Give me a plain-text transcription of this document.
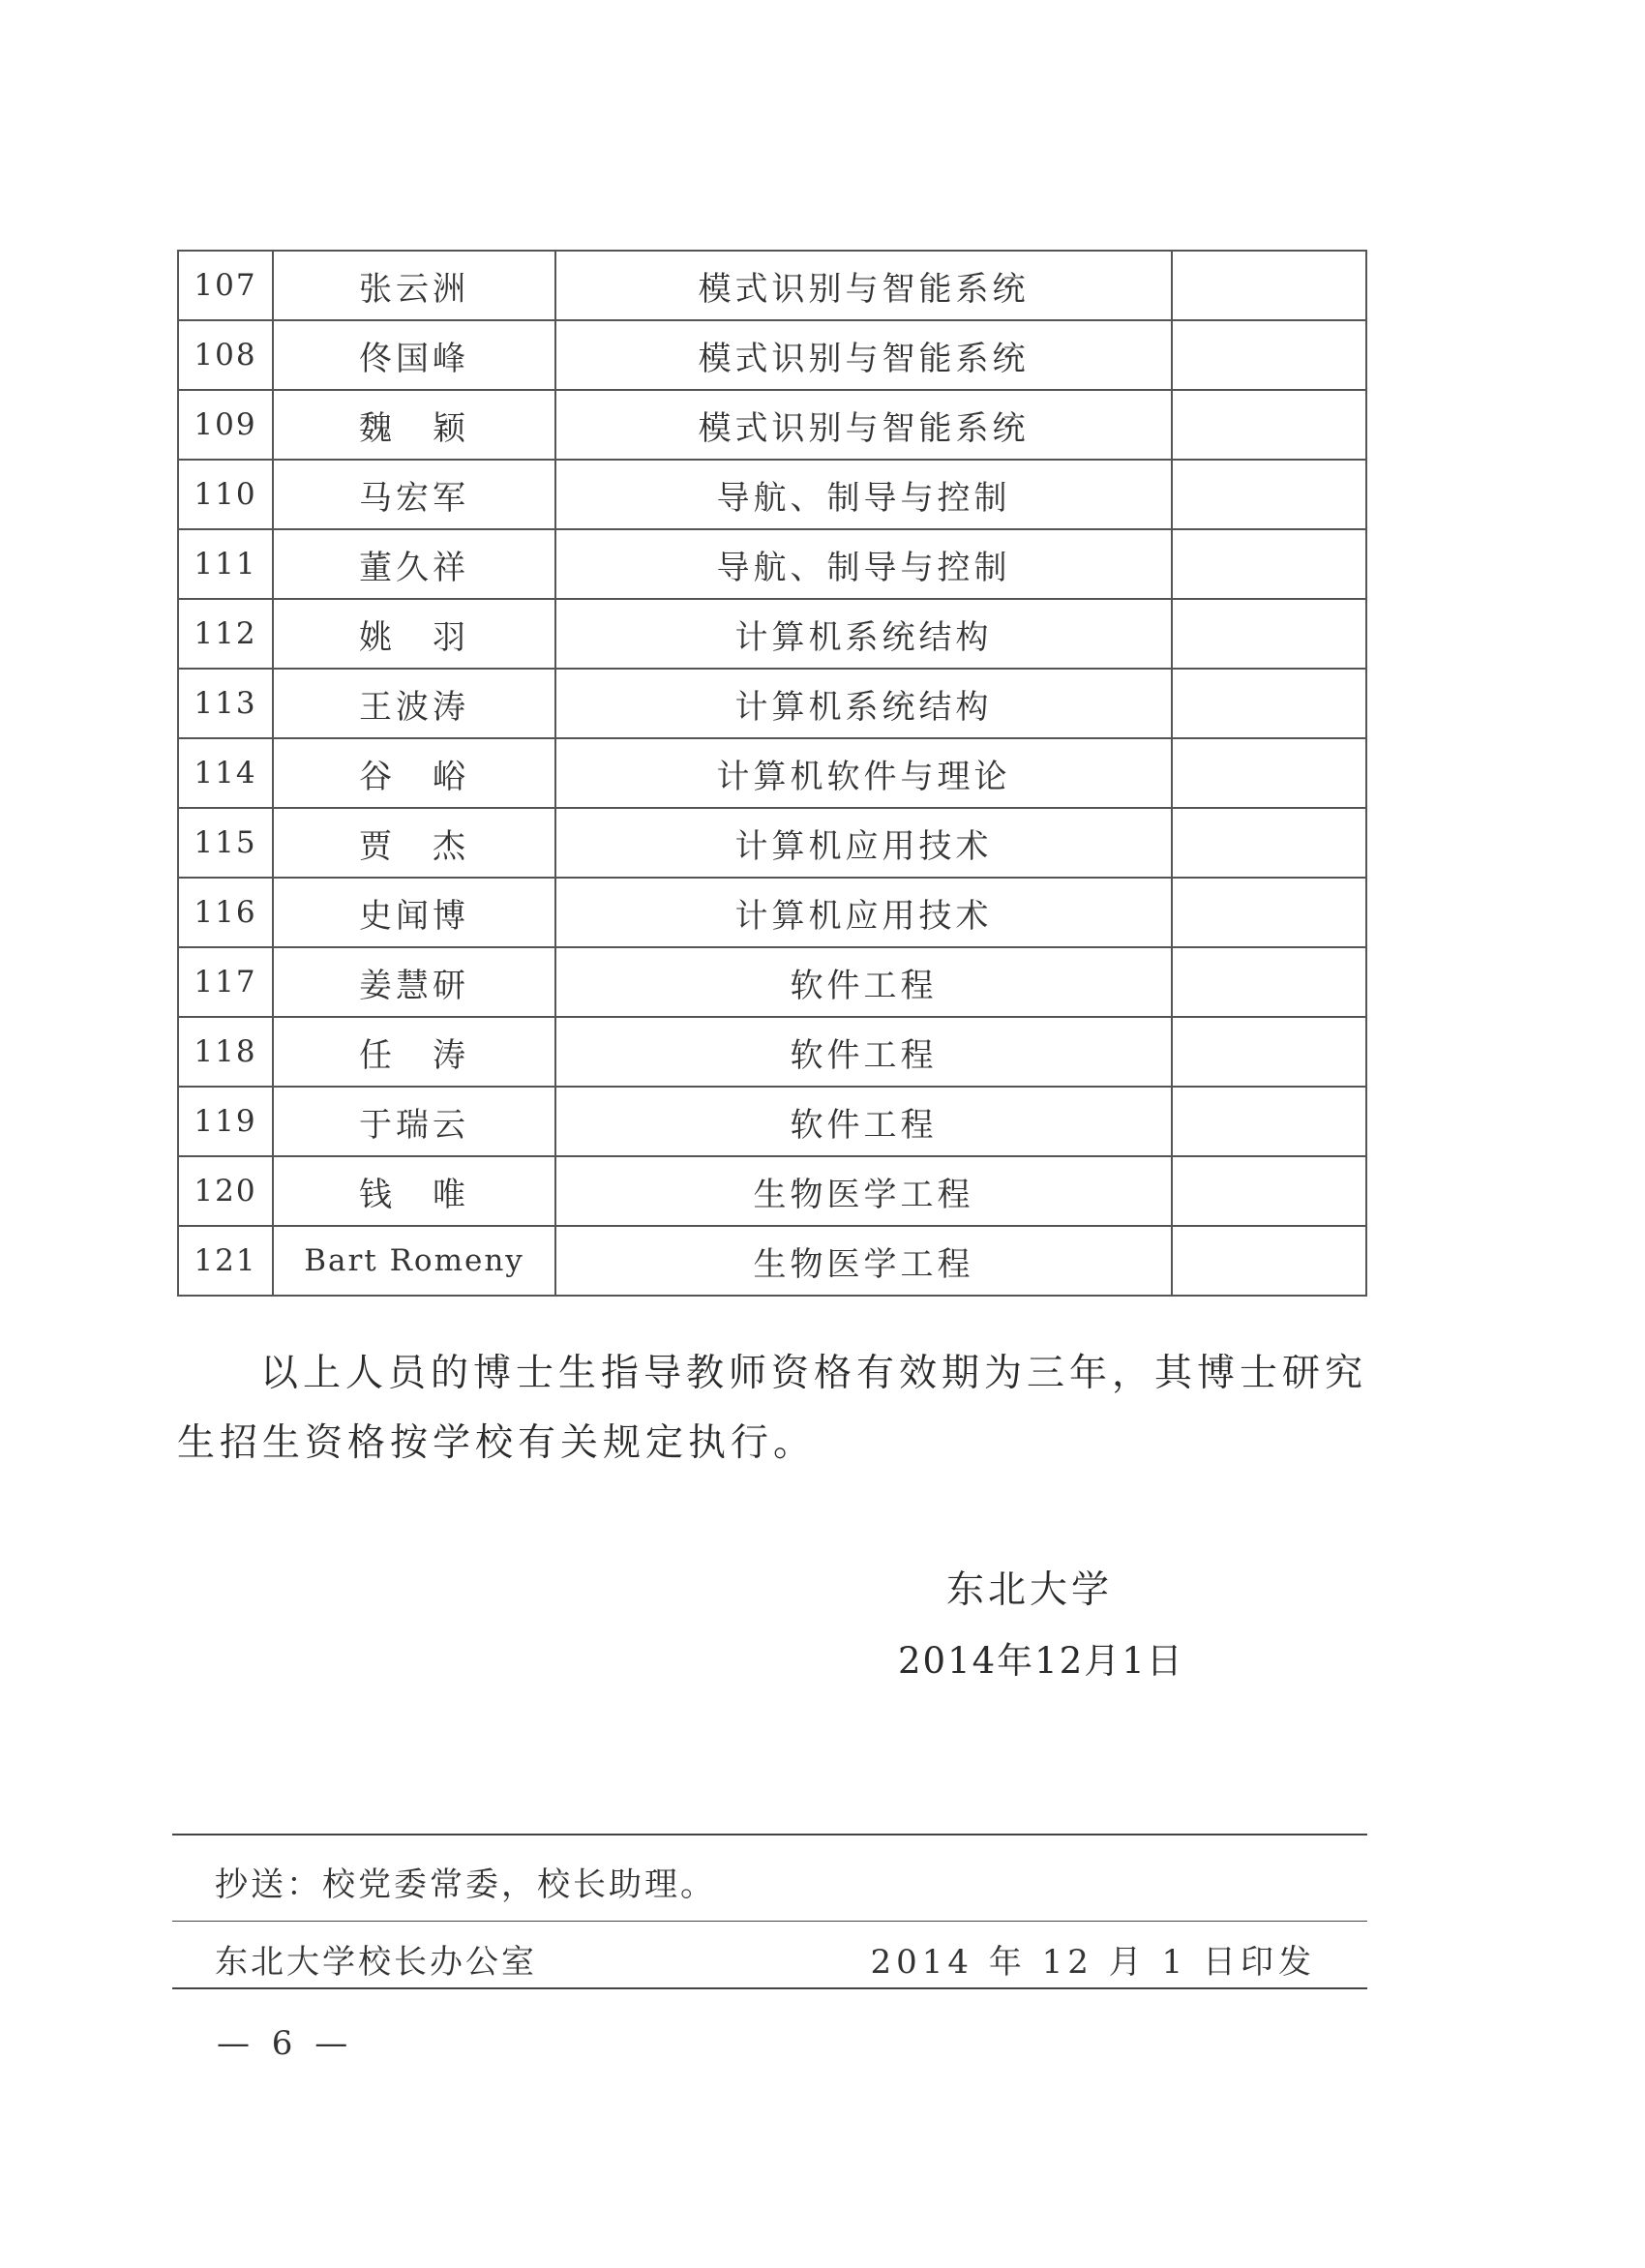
107	张云洲	模式识别与智能系统	
108	佟国峰	模式识别与智能系统	
109	魏　颖	模式识别与智能系统	
110	马宏军	导航、制导与控制	
111	董久祥	导航、制导与控制	
112	姚　羽	计算机系统结构	
113	王波涛	计算机系统结构	
114	谷　峪	计算机软件与理论	
115	贾　杰	计算机应用技术	
116	史闻博	计算机应用技术	
117	姜慧研	软件工程	
118	任　涛	软件工程	
119	于瑞云	软件工程	
120	钱　唯	生物医学工程	
121	Bart Romeny	生物医学工程	

以上人员的博士生指导教师资格有效期为三年，其博士研究生招生资格按学校有关规定执行。

东北大学
2014年12月1日
抄送：校党委常委，校长助理。
东北大学校长办公室	2014 年 12 月 1 日印发
— 6 —
